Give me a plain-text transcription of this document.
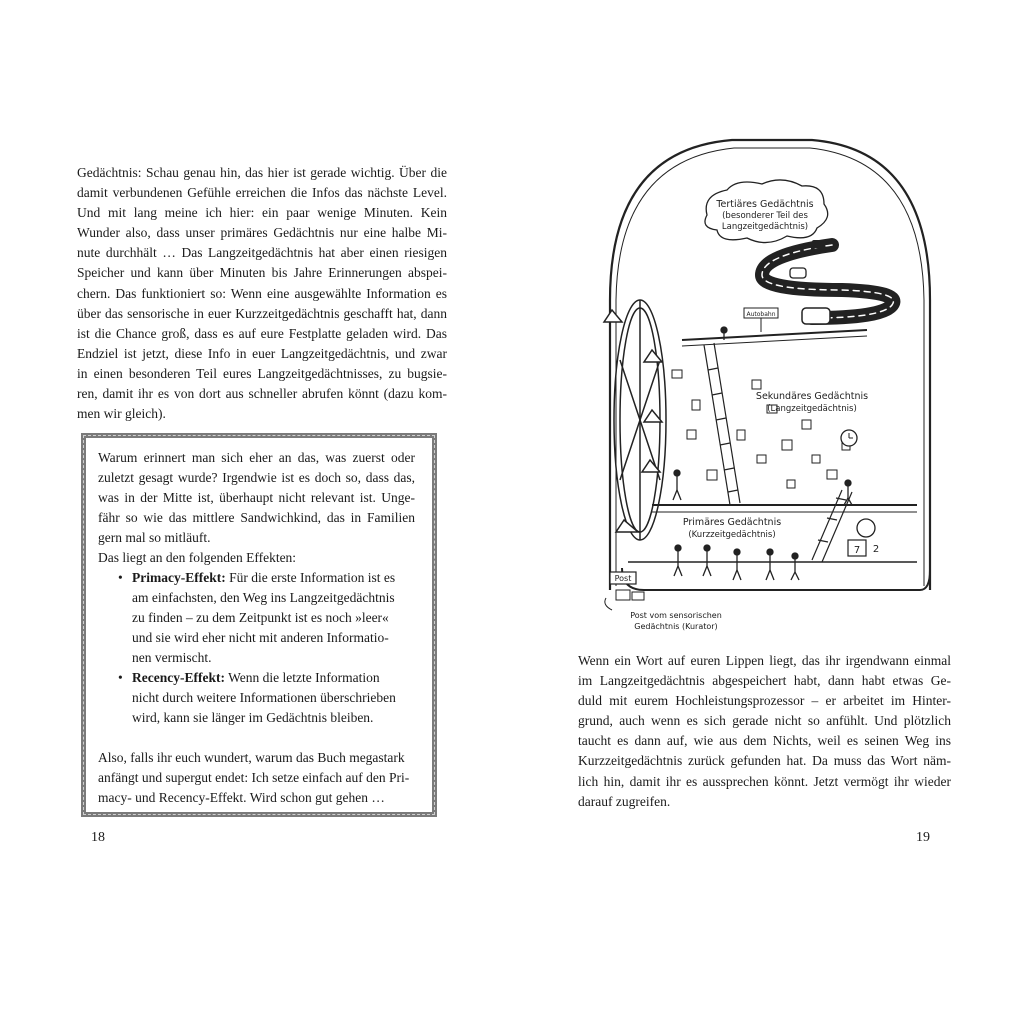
Gedächtnis: Schau genau hin, das hier ist gerade wichtig. Über die
damit verbundenen Gefühle erreichen die Infos das nächste Level.
Und mit lang meine ich hier: ein paar wenige Minuten. Kein
Wunder also, dass unser primäres Gedächtnis nur eine halbe Mi-
nute durchhält … Das Langzeitgedächtnis hat aber einen riesigen
Speicher und kann über Minuten bis Jahre Erinnerungen abspei-
chern. Das funktioniert so: Wenn eine ausgewählte Information es
über das sensorische in euer Kurzzeitgedächtnis geschafft hat, dann
ist die Chance groß, dass es auf eure Festplatte geladen wird. Das
Endziel ist jetzt, diese Info in euer Langzeitgedächtnis, und zwar
in einen besonderen Teil eures Langzeitgedächtnisses, zu bugsie-
ren, damit ihr es von dort aus schneller abrufen könnt (dazu kom-
men wir gleich).

Warum erinnert man sich eher an das, was zuerst oder
zuletzt gesagt wurde? Irgendwie ist es doch so, dass das,
was in der Mitte ist, überhaupt nicht relevant ist. Unge-
fähr so wie das mittlere Sandwichkind, das in Familien
gern mal so mitläuft.

Das liegt an den folgenden Effekten:

• Primacy-Effekt: Für die erste Information ist es
am einfachsten, den Weg ins Langzeitgedächtnis
zu finden – zu dem Zeitpunkt ist es noch »leer«
und sie wird eher nicht mit anderen Informatio-
nen vermischt.
• Recency-Effekt: Wenn die letzte Information
nicht durch weitere Informationen überschrieben
wird, kann sie länger im Gedächtnis bleiben.

Also, falls ihr euch wundert, warum das Buch megastark
anfängt und supergut endet: Ich setze einfach auf den Pri-
macy- und Recency-Effekt. Wird schon gut gehen …

18
Tertiäres Gedächtnis
(besonderer Teil des
Langzeitgedächtnis)
Autobahn
Sekundäres Gedächtnis
(Langzeitgedächtnis)
7 2
Primäres Gedächtnis
(Kurzzeitgedächtnis)
Post
Post vom sensorischen
Gedächtnis (Kurator)
Wenn ein Wort auf euren Lippen liegt, das ihr irgendwann einmal
im Langzeitgedächtnis abgespeichert habt, dann habt etwas Ge-
duld mit eurem Hochleistungsprozessor – er arbeitet im Hinter-
grund, auch wenn es sich gerade nicht so anfühlt. Und plötzlich
taucht es dann auf, wie aus dem Nichts, weil es seinen Weg ins
Kurzzeitgedächtnis zurück gefunden hat. Da muss das Wort näm-
lich hin, damit ihr es aussprechen könnt. Jetzt vermögt ihr wieder
darauf zugreifen.
19
